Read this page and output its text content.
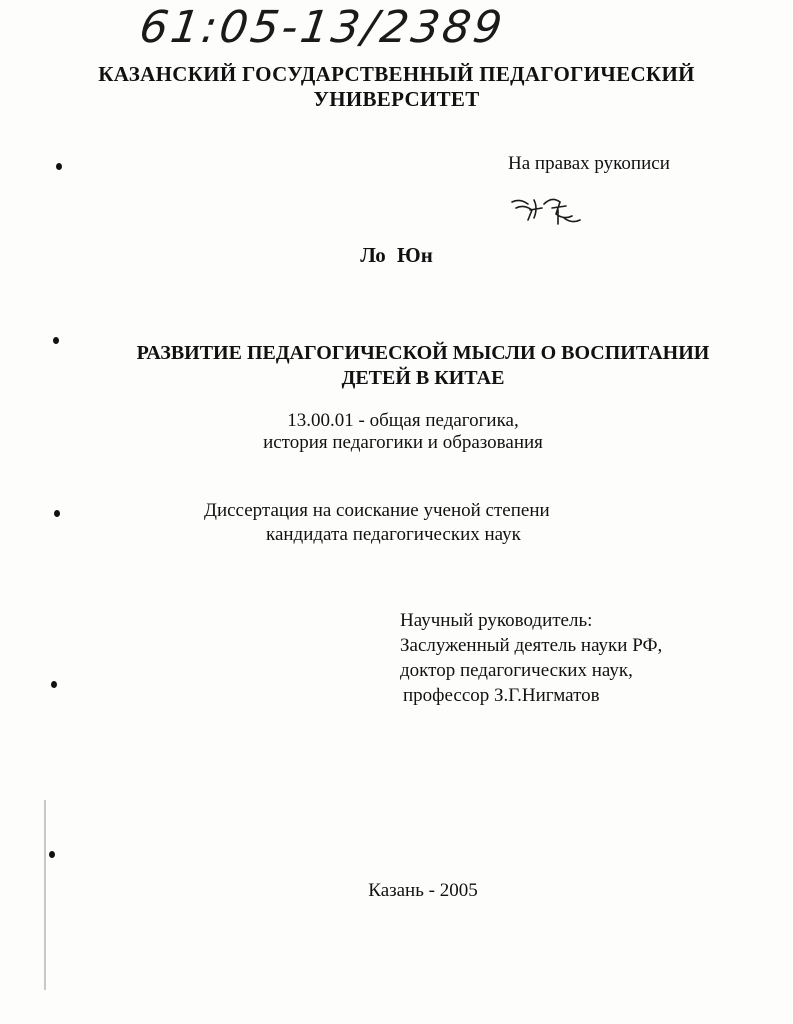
61:05-13/2389
КАЗАНСКИЙ ГОСУДАРСТВЕННЫЙ ПЕДАГОГИЧЕСКИЙ
УНИВЕРСИТЕТ
На правах рукописи
Ло Юн
РАЗВИТИЕ ПЕДАГОГИЧЕСКОЙ МЫСЛИ О ВОСПИТАНИИ
ДЕТЕЙ В КИТАЕ
13.00.01 - общая педагогика,
история педагогики и образования
Диссертация на соискание ученой степени
кандидата педагогических наук
Научный руководитель:
Заслуженный деятель науки РФ,
доктор педагогических наук,
профессор З.Г.Нигматов
Казань - 2005
